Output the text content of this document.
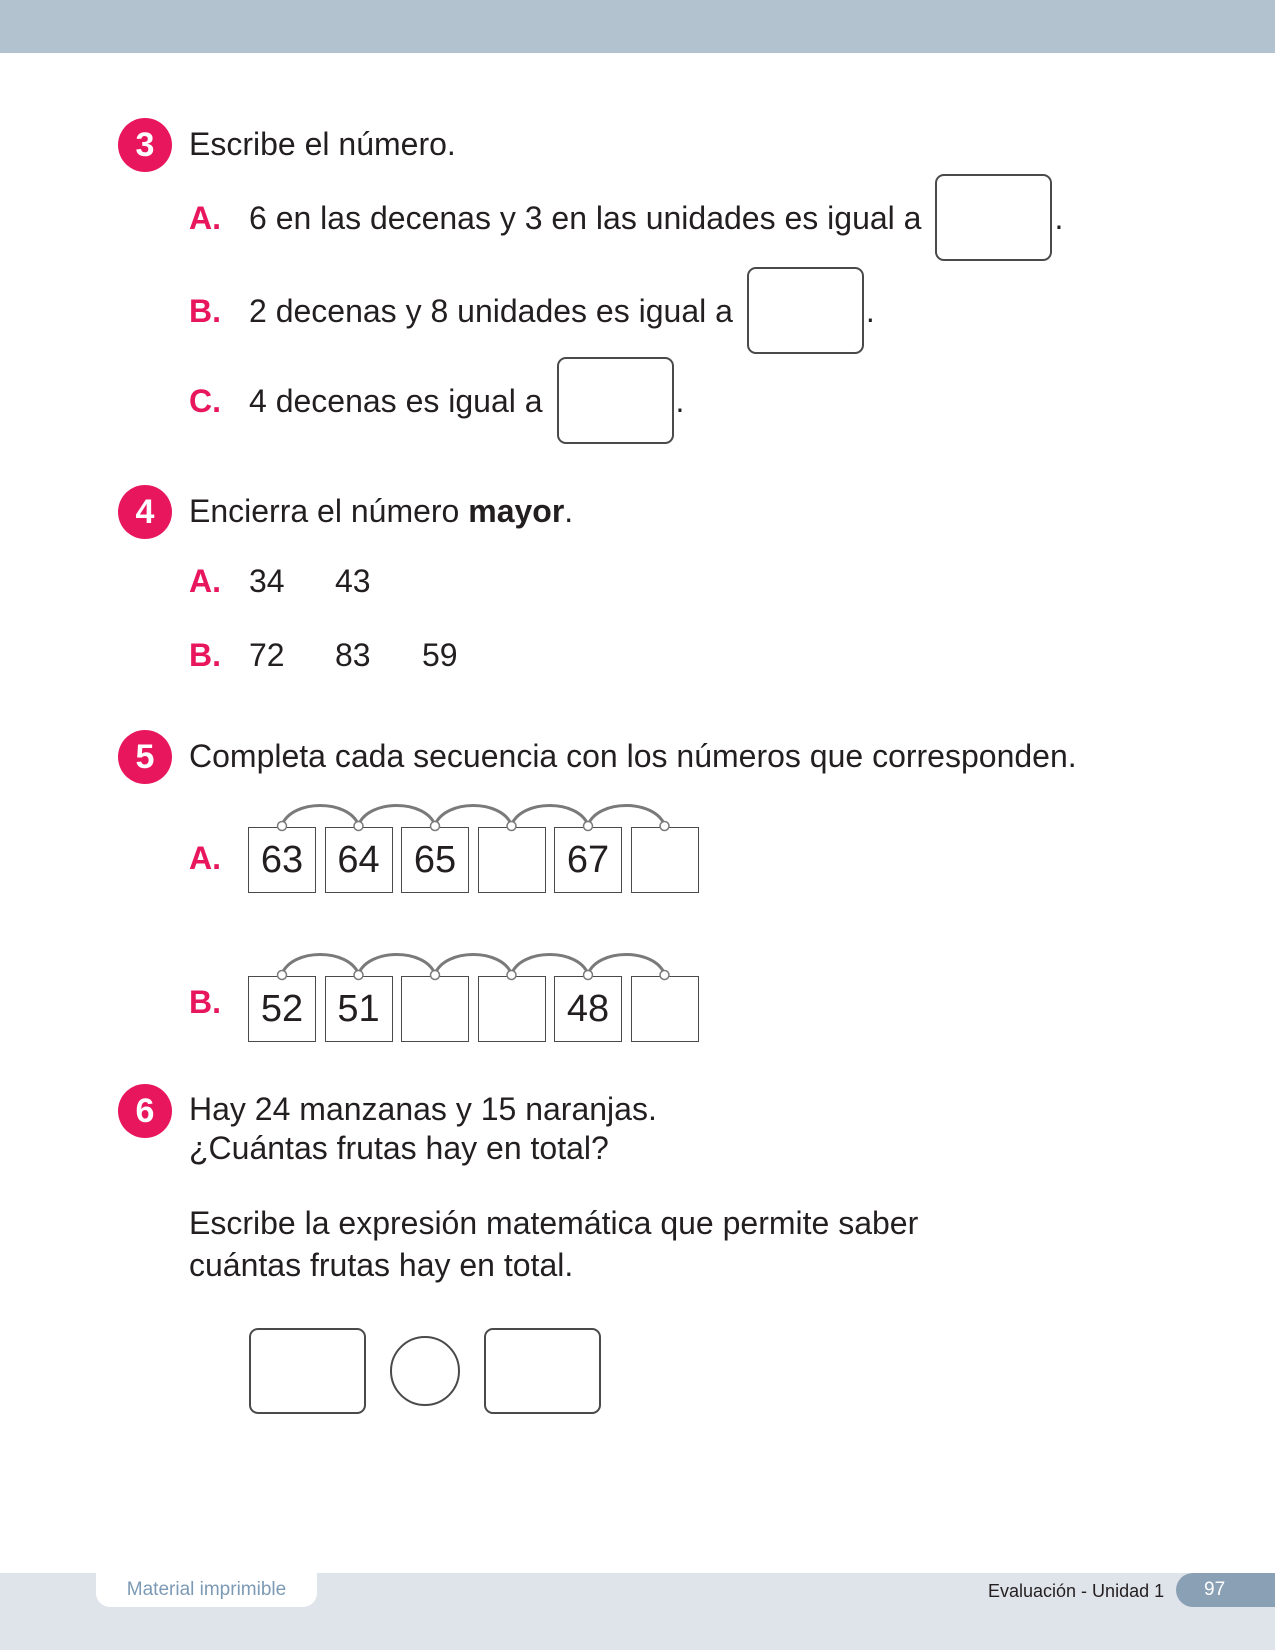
3	Escribe el número.
A. 6 en las decenas y 3 en las unidades es igual a	.
B. 2 decenas y 8 unidades es igual a	.
C. 4 decenas es igual a	.
4	Encierra el número mayor.
A. 34 43
B. 72 83 59
5	Completa cada secuencia con los números que corresponden.
A.	63 64 65	67
B.	52 51	48
6	Hay 24 manzanas y 15 naranjas.
¿Cuántas frutas hay en total?
Escribe la expresión matemática que permite saber
cuántas frutas hay en total.
Material imprimible	Evaluación - Unidad 1	97
